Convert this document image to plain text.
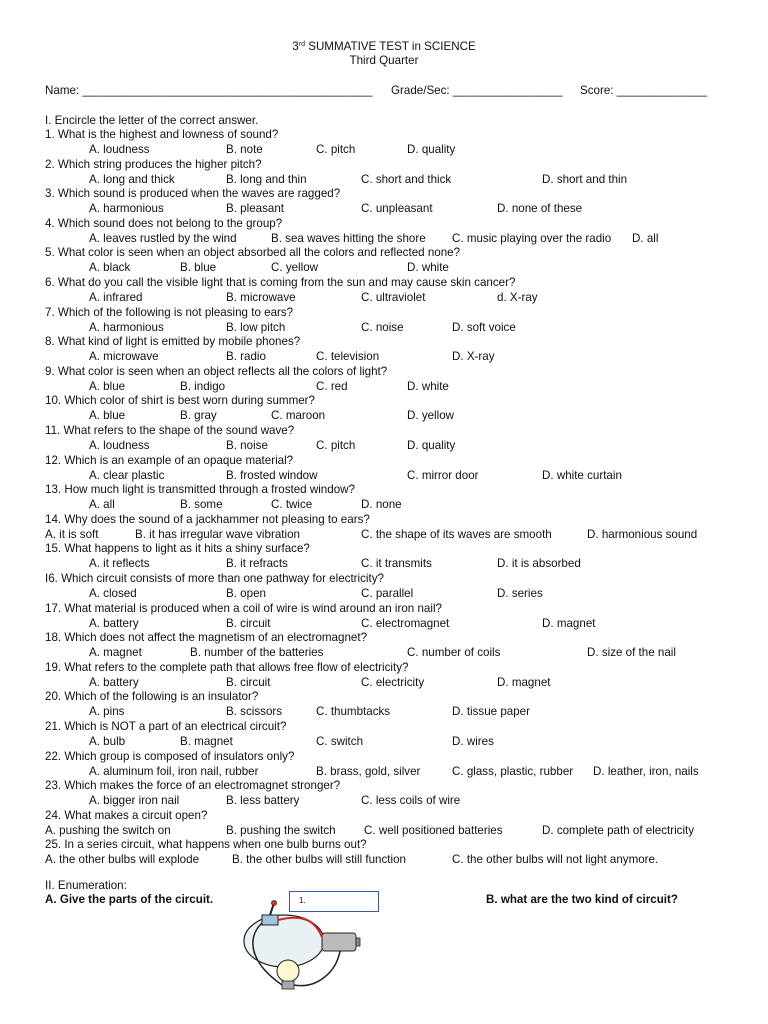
3rd SUMMATIVE TEST in SCIENCE
Third Quarter
Name: _____________________________________________ Grade/Sec: _________________ Score: ______________
I. Encircle the letter of the correct answer.
1. What is the highest and lowness of sound?
A. loudness	B. note	C. pitch	D. quality
2. Which string produces the higher pitch?
A. long and thick	B. long and thin	C. short and thick	D. short and thin
3. Which sound is produced when the waves are ragged?
A. harmonious	B. pleasant	C. unpleasant	D. none of these
4. Which sound does not belong to the group?
A. leaves rustled by the wind	B. sea waves hitting the shore C. music playing over the radio D. all
5. What color is seen when an object absorbed all the colors and reflected none?
A. black	B. blue	C. yellow	D. white
6. What do you call the visible light that is coming from the sun and may cause skin cancer?
A. infrared	B. microwave	C. ultraviolet	d. X-ray
7. Which of the following is not pleasing to ears?
A. harmonious	B. low pitch	C. noise	D. soft voice
8. What kind of light is emitted by mobile phones?
A. microwave	B. radio	C. television	D. X-ray
9. What color is seen when an object reflects all the colors of light?
A. blue	B. indigo	C. red	D. white
10. Which color of shirt is best worn during summer?
A. blue	B. gray	C. maroon	D. yellow
11. What refers to the shape of the sound wave?
A. loudness	B. noise	C. pitch	D. quality
12. Which is an example of an opaque material?
A. clear plastic	B. frosted window	C. mirror door	D. white curtain
13. How much light is transmitted through a frosted window?
A. all	B. some	C. twice	D. none
14. Why does the sound of a jackhammer not pleasing to ears?
A. it is soft	B. it has irregular wave vibration	C. the shape of its waves are smooth	D. harmonious sound
15. What happens to light as it hits a shiny surface?
A. it reflects	B. it refracts	C. it transmits	D. it is absorbed
I6. Which circuit consists of more than one pathway for electricity?
A. closed	B. open	C. parallel	D. series
17. What material is produced when a coil of wire is wind around an iron nail?
A. battery	B. circuit	C. electromagnet	D. magnet
18. Which does not affect the magnetism of an electromagnet?
A. magnet	B. number of the batteries	C. number of coils	D. size of the nail
19. What refers to the complete path that allows free flow of electricity?
A. battery	B. circuit	C. electricity	D. magnet
20. Which of the following is an insulator?
A. pins	B. scissors	C. thumbtacks	D. tissue paper
21. Which is NOT a part of an electrical circuit?
A. bulb	B. magnet	C. switch	D. wires
22. Which group is composed of insulators only?
A. aluminum foil, iron nail, rubber	B. brass, gold, silver	C. glass, plastic, rubber D. leather, iron, nails
23. Which makes the force of an electromagnet stronger?
A. bigger iron nail	B. less battery	C. less coils of wire
24. What makes a circuit open?
A. pushing the switch on	B. pushing the switch C. well positioned batteries	D. complete path of electricity
25. In a series circuit, what happens when one bulb burns out?
A. the other bulbs will explode	B. the other bulbs will still function	C. the other bulbs will not light anymore.
II. Enumeration:
A. Give the parts of the circuit.	B. what are the two kind of circuit?
1.
